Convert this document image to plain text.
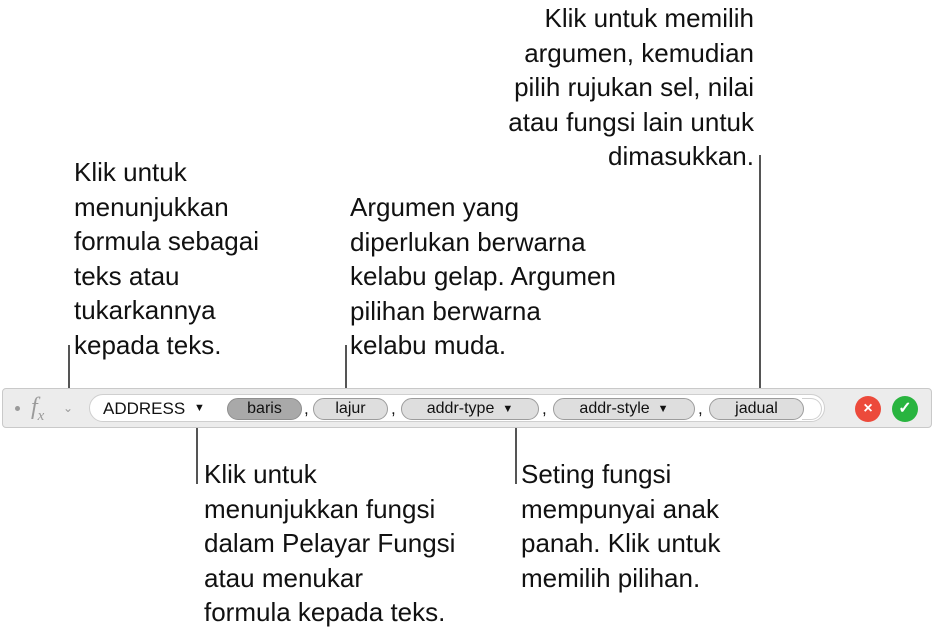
Klik untuk memilih
argumen, kemudian
pilih rujukan sel, nilai
atau fungsi lain untuk
dimasukkan.
Klik untuk
menunjukkan
formula sebagai
teks atau
tukarkannya
kepada teks.
Argumen yang
diperlukan berwarna
kelabu gelap. Argumen
pilihan berwarna
kelabu muda.
Klik untuk
menunjukkan fungsi
dalam Pelayar Fungsi
atau menukar
formula kepada teks.
Seting fungsi
mempunyai anak
panah. Klik untuk
memilih pilihan.
$f_x$ ⌄ ADDRESS ▼	baris	,	lajur	,	addr-type ▼	,	addr-style ▼	,	jadual	×	✓
